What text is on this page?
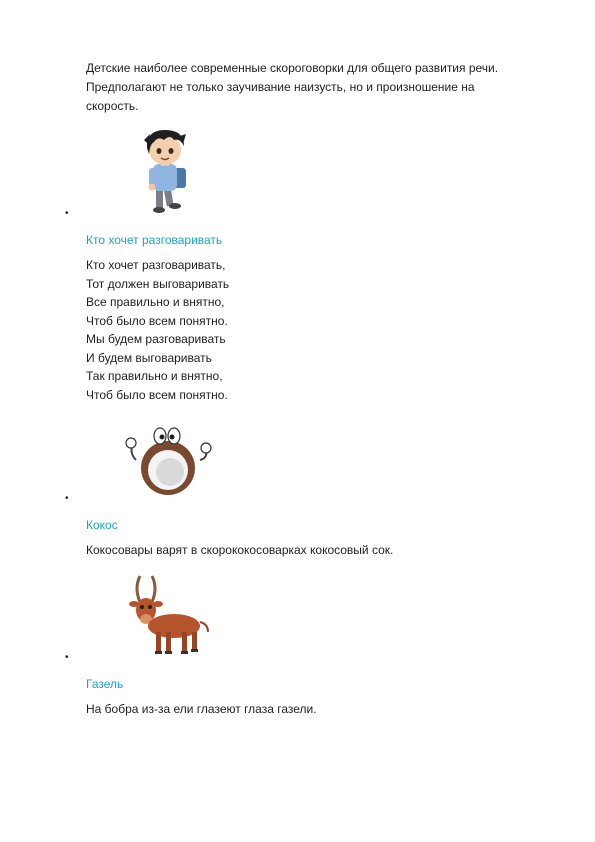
Детские наиболее современные скороговорки для общего развития речи.
Предполагают не только заучивание наизусть, но и произношение на
скорость.

•
Кто хочет разговаривать
Кто хочет разговаривать,
Тот должен выговаривать
Все правильно и внятно,
Чтоб было всем понятно.
Мы будем разговаривать
И будем выговаривать
Так правильно и внятно,
Чтоб было всем понятно.
•
Кокос

Кокосовары варят в скорококосоварках кокосовый сок.

•
Газель

На бобра из-за ели глазеют глаза газели.
